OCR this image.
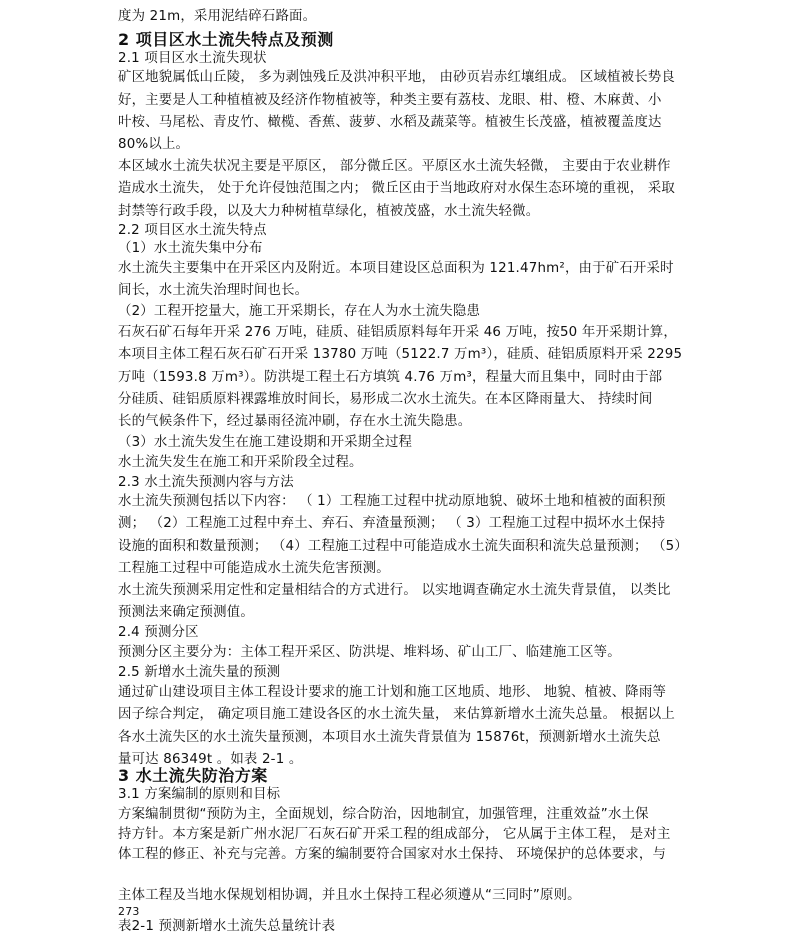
度为 21m，采用泥结碎石路面。
2 项目区水土流失特点及预测
2.1 项目区水土流失现状
矿区地貌属低山丘陵， 多为剥蚀残丘及洪冲积平地， 由砂页岩赤红壤组成。 区域植被长势良
好，主要是人工种植植被及经济作物植被等，种类主要有荔枝、龙眼、柑、橙、木麻黄、小
叶桉、马尾松、青皮竹、橄榄、香蕉、菠萝、水稻及蔬菜等。植被生长茂盛，植被覆盖度达
80%以上。
本区域水土流失状况主要是平原区， 部分微丘区。平原区水土流失轻微， 主要由于农业耕作
造成水土流失， 处于允许侵蚀范围之内； 微丘区由于当地政府对水保生态环境的重视， 采取
封禁等行政手段，以及大力种树植草绿化，植被茂盛，水土流失轻微。
2.2 项目区水土流失特点
（1）水土流失集中分布
水土流失主要集中在开采区内及附近。本项目建设区总面积为 121.47hm²，由于矿石开采时
间长，水土流失治理时间也长。
（2）工程开挖量大，施工开采期长，存在人为水土流失隐患
石灰石矿石每年开采 276 万吨，硅质、硅铝质原料每年开采 46 万吨，按50 年开采期计算，
本项目主体工程石灰石矿石开采 13780 万吨（5122.7 万m³），硅质、硅铝质原料开采 2295
万吨（1593.8 万m³）。防洪堤工程土石方填筑 4.76 万m³，程量大而且集中，同时由于部
分硅质、硅铝质原料裸露堆放时间长，易形成二次水土流失。在本区降雨量大、 持续时间
长的气候条件下，经过暴雨径流冲刷，存在水土流失隐患。
（3）水土流失发生在施工建设期和开采期全过程
水土流失发生在施工和开采阶段全过程。
2.3 水土流失预测内容与方法
水土流失预测包括以下内容： （ 1）工程施工过程中扰动原地貌、破坏土地和植被的面积预
测； （2）工程施工过程中弃土、弃石、弃渣量预测； （ 3）工程施工过程中损坏水土保持
设施的面积和数量预测； （4）工程施工过程中可能造成水土流失面积和流失总量预测； （5）
工程施工过程中可能造成水土流失危害预测。
水土流失预测采用定性和定量相结合的方式进行。 以实地调查确定水土流失背景值， 以类比
预测法来确定预测值。
2.4 预测分区
预测分区主要分为：主体工程开采区、防洪堤、堆料场、矿山工厂、临建施工区等。
2.5 新增水土流失量的预测
通过矿山建设项目主体工程设计要求的施工计划和施工区地质、地形、 地貌、植被、降雨等
因子综合判定， 确定项目施工建设各区的水土流失量， 来估算新增水土流失总量。 根据以上
各水土流失区的水土流失量预测，本项目水土流失背景值为 15876t，预测新增水土流失总
量可达 86349t 。如表 2-1 。
3 水土流失防治方案
3.1 方案编制的原则和目标
方案编制贯彻“预防为主，全面规划，综合防治，因地制宜，加强管理，注重效益”水土保
持方针。本方案是新广州水泥厂石灰石矿开采工程的组成部分， 它从属于主体工程， 是对主
体工程的修正、补充与完善。方案的编制要符合国家对水土保持、 环境保护的总体要求，与
主体工程及当地水保规划相协调，并且水土保持工程必须遵从“三同时”原则。
273
表2-1 预测新增水土流失总量统计表
